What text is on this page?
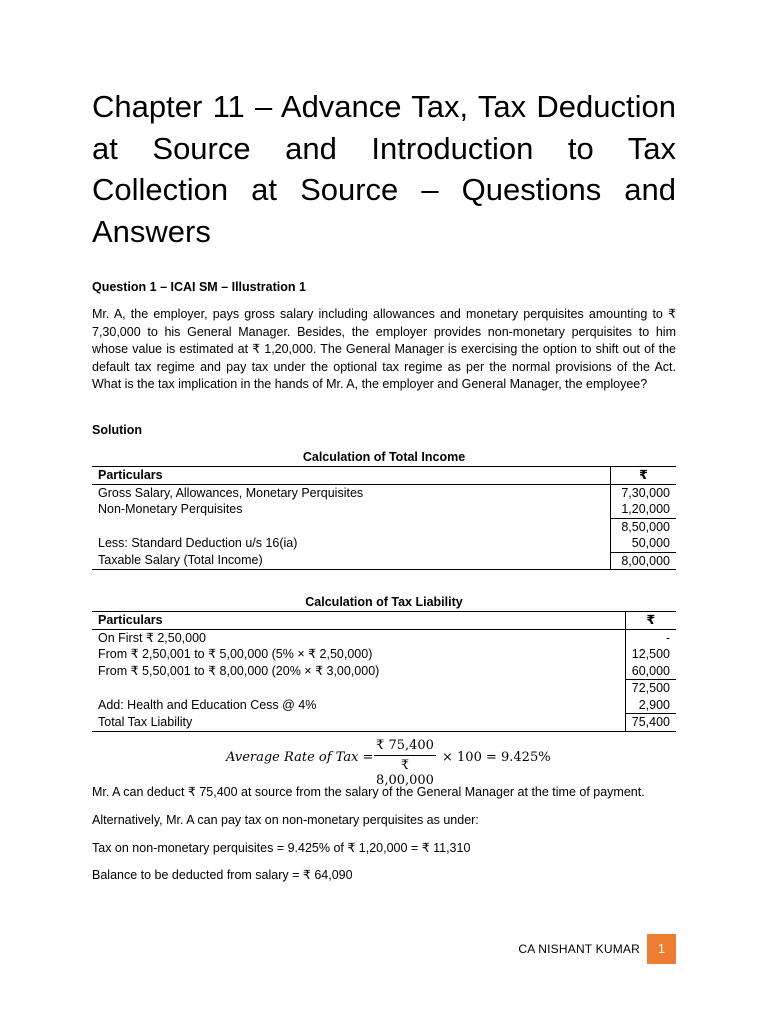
Chapter 11 – Advance Tax, Tax Deduction at Source and Introduction to Tax Collection at Source – Questions and Answers
Question 1 – ICAI SM – Illustration 1

Mr. A, the employer, pays gross salary including allowances and monetary perquisites amounting to ₹ 7,30,000 to his General Manager. Besides, the employer provides non-monetary perquisites to him whose value is estimated at ₹ 1,20,000. The General Manager is exercising the option to shift out of the default tax regime and pay tax under the optional tax regime as per the normal provisions of the Act. What is the tax implication in the hands of Mr. A, the employer and General Manager, the employee?

Solution
Calculation of Total Income
Particulars	₹
Gross Salary, Allowances, Monetary Perquisites	7,30,000
Non-Monetary Perquisites	1,20,000
	8,50,000
Less: Standard Deduction u/s 16(ia)	50,000
Taxable Salary (Total Income)	8,00,000
Calculation of Tax Liability
Particulars	₹
On First ₹ 2,50,000	-
From ₹ 2,50,001 to ₹ 5,00,000 (5% × ₹ 2,50,000)	12,500
From ₹ 5,50,001 to ₹ 8,00,000 (20% × ₹ 3,00,000)	60,000
	72,500
Add: Health and Education Cess @ 4%	2,900
Total Tax Liability	75,400
Average Rate of Tax = $\frac{₹ 75,400}{₹ 8,00,000} \times 100 = 9.425\%$

Mr. A can deduct ₹ 75,400 at source from the salary of the General Manager at the time of payment.

Alternatively, Mr. A can pay tax on non-monetary perquisites as under:

Tax on non-monetary perquisites = 9.425% of ₹ 1,20,000 = ₹ 11,310

Balance to be deducted from salary = ₹ 64,090

CA NISHANT KUMAR	1
